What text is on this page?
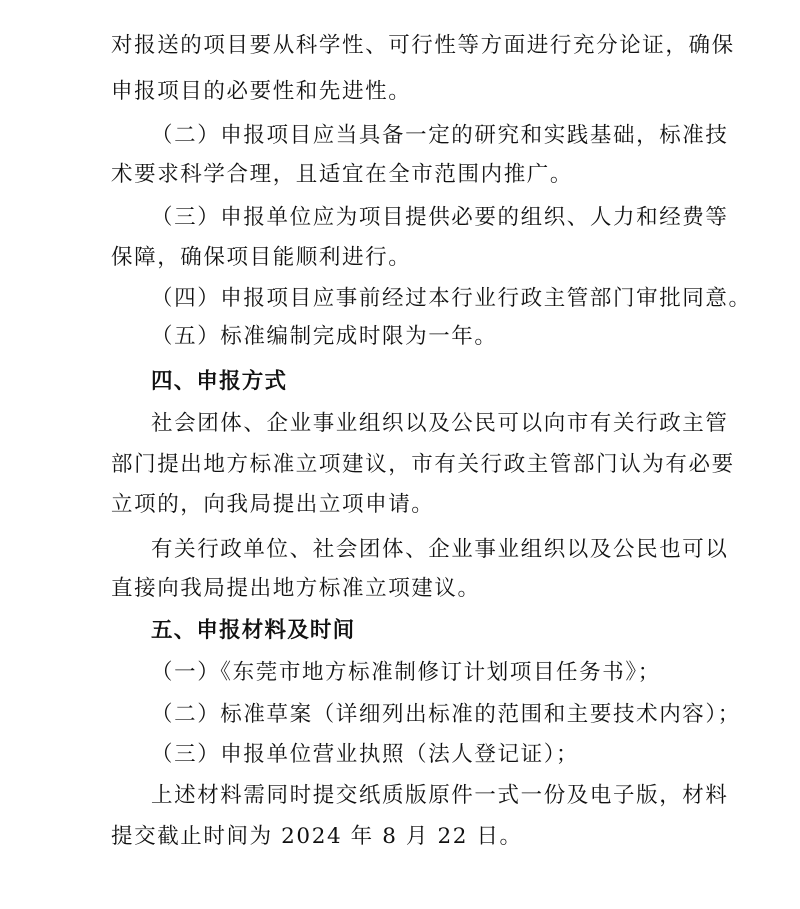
对报送的项目要从科学性、可行性等方面进行充分论证，确保
申报项目的必要性和先进性。
（二）申报项目应当具备一定的研究和实践基础，标准技
术要求科学合理，且适宜在全市范围内推广。
（三）申报单位应为项目提供必要的组织、人力和经费等
保障，确保项目能顺利进行。
（四）申报项目应事前经过本行业行政主管部门审批同意。
（五）标准编制完成时限为一年。
四、申报方式
社会团体、企业事业组织以及公民可以向市有关行政主管
部门提出地方标准立项建议，市有关行政主管部门认为有必要
立项的，向我局提出立项申请。
有关行政单位、社会团体、企业事业组织以及公民也可以
直接向我局提出地方标准立项建议。
五、申报材料及时间
（一）《东莞市地方标准制修订计划项目任务书》；
（二）标准草案（详细列出标准的范围和主要技术内容）；
（三）申报单位营业执照（法人登记证）；
上述材料需同时提交纸质版原件一式一份及电子版，材料
提交截止时间为 2024 年 8 月 22 日。
